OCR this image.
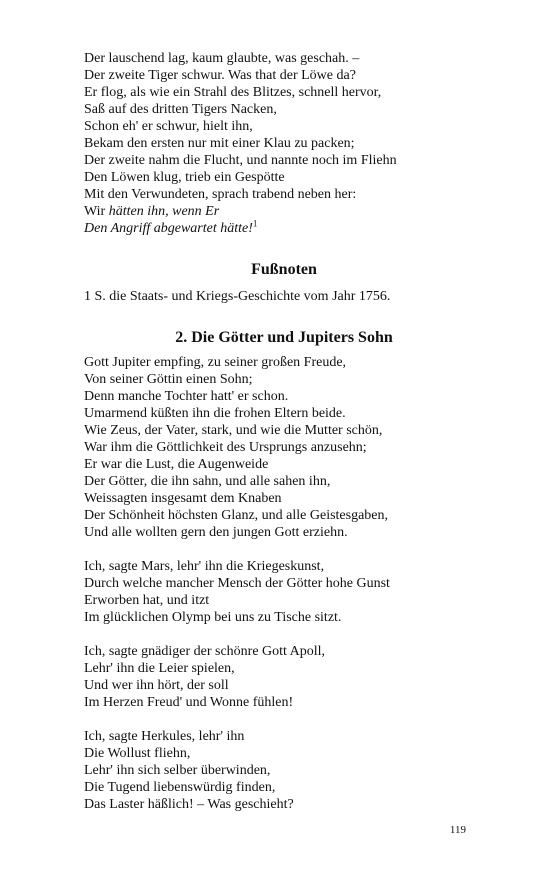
Der lauschend lag, kaum glaubte, was geschah. –
Der zweite Tiger schwur. Was that der Löwe da?
Er flog, als wie ein Strahl des Blitzes, schnell hervor,
Saß auf des dritten Tigers Nacken,
Schon eh' er schwur, hielt ihn,
Bekam den ersten nur mit einer Klau zu packen;
Der zweite nahm die Flucht, und nannte noch im Fliehn
Den Löwen klug, trieb ein Gespötte
Mit den Verwundeten, sprach trabend neben her:
Wir hätten ihn, wenn Er
Den Angriff abgewartet hätte!$^1$
Fußnoten
1 S. die Staats- und Kriegs-Geschichte vom Jahr 1756.
2. Die Götter und Jupiters Sohn
Gott Jupiter empfing, zu seiner großen Freude,
Von seiner Göttin einen Sohn;
Denn manche Tochter hatt' er schon.
Umarmend küßten ihn die frohen Eltern beide.
Wie Zeus, der Vater, stark, und wie die Mutter schön,
War ihm die Göttlichkeit des Ursprungs anzusehn;
Er war die Lust, die Augenweide
Der Götter, die ihn sahn, und alle sahen ihn,
Weissagten insgesamt dem Knaben
Der Schönheit höchsten Glanz, und alle Geistesgaben,
Und alle wollten gern den jungen Gott erziehn.
Ich, sagte Mars, lehr' ihn die Kriegeskunst,
Durch welche mancher Mensch der Götter hohe Gunst
Erworben hat, und itzt
Im glücklichen Olymp bei uns zu Tische sitzt.
Ich, sagte gnädiger der schönre Gott Apoll,
Lehr' ihn die Leier spielen,
Und wer ihn hört, der soll
Im Herzen Freud' und Wonne fühlen!
Ich, sagte Herkules, lehr' ihn
Die Wollust fliehn,
Lehr' ihn sich selber überwinden,
Die Tugend liebenswürdig finden,
Das Laster häßlich! – Was geschieht?
119
